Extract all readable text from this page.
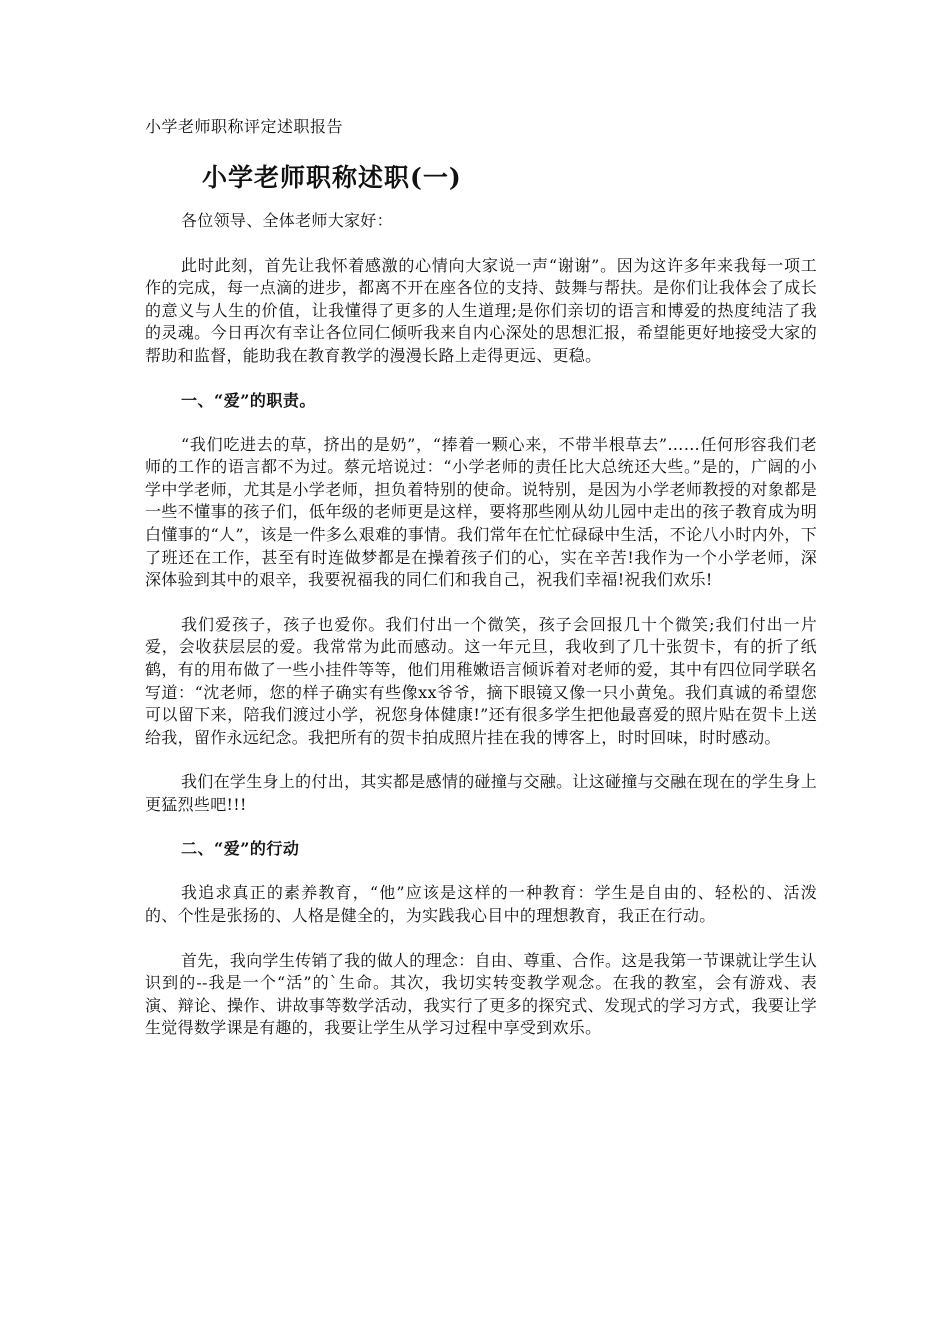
小学老师职称评定述职报告
小学老师职称述职(一)

各位领导、全体老师大家好：

此时此刻，首先让我怀着感激的心情向大家说一声“谢谢”。因为这许多年来我每一项工作的完成，每一点滴的进步，都离不开在座各位的支持、鼓舞与帮扶。是你们让我体会了成长的意义与人生的价值，让我懂得了更多的人生道理;是你们亲切的语言和博爱的热度纯洁了我的灵魂。今日再次有幸让各位同仁倾听我来自内心深处的思想汇报，希望能更好地接受大家的帮助和监督，能助我在教育教学的漫漫长路上走得更远、更稳。

一、“爱”的职责。

“我们吃进去的草，挤出的是奶”，“捧着一颗心来，不带半根草去”……任何形容我们老师的工作的语言都不为过。蔡元培说过：“小学老师的责任比大总统还大些。”是的，广阔的小学中学老师，尤其是小学老师，担负着特别的使命。说特别，是因为小学老师教授的对象都是一些不懂事的孩子们，低年级的老师更是这样，要将那些刚从幼儿园中走出的孩子教育成为明白懂事的“人”，该是一件多么艰难的事情。我们常年在忙忙碌碌中生活，不论八小时内外，下了班还在工作，甚至有时连做梦都是在操着孩子们的心，实在辛苦!我作为一个小学老师，深深体验到其中的艰辛，我要祝福我的同仁们和我自己，祝我们幸福!祝我们欢乐!

我们爱孩子，孩子也爱你。我们付出一个微笑，孩子会回报几十个微笑;我们付出一片爱，会收获层层的爱。我常常为此而感动。这一年元旦，我收到了几十张贺卡，有的折了纸鹤，有的用布做了一些小挂件等等，他们用稚嫩语言倾诉着对老师的爱，其中有四位同学联名写道：“沈老师，您的样子确实有些像xx爷爷，摘下眼镜又像一只小黄兔。我们真诚的希望您可以留下来，陪我们渡过小学，祝您身体健康!”还有很多学生把他最喜爱的照片贴在贺卡上送给我，留作永远纪念。我把所有的贺卡拍成照片挂在我的博客上，时时回味，时时感动。

我们在学生身上的付出，其实都是感情的碰撞与交融。让这碰撞与交融在现在的学生身上更猛烈些吧!!!

二、“爱”的行动

我追求真正的素养教育，“他”应该是这样的一种教育：学生是自由的、轻松的、活泼的、个性是张扬的、人格是健全的，为实践我心目中的理想教育，我正在行动。

首先，我向学生传销了我的做人的理念：自由、尊重、合作。这是我第一节课就让学生认识到的--我是一个“活”的`生命。其次，我切实转变教学观念。在我的教室，会有游戏、表演、辩论、操作、讲故事等数学活动，我实行了更多的探究式、发现式的学习方式，我要让学生觉得数学课是有趣的，我要让学生从学习过程中享受到欢乐。
